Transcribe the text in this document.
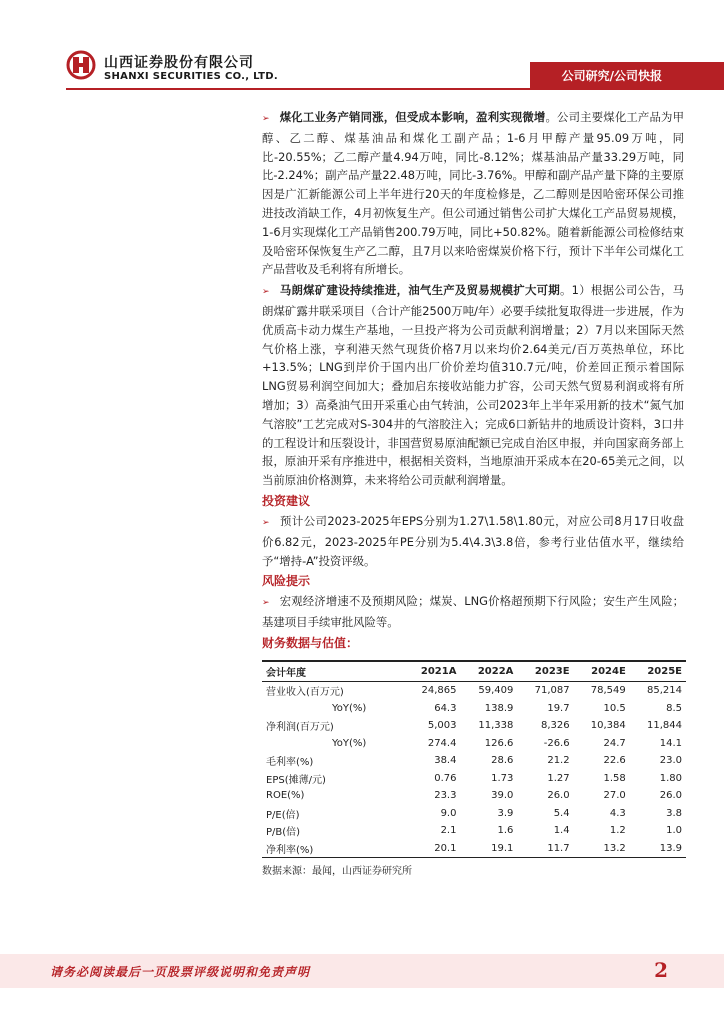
山西证券股份有限公司
SHANXI SECURITIES CO., LTD.	公司研究/公司快报

➢ 煤化工业务产销同涨，但受成本影响，盈利实现微增。公司主要煤化工产品为甲醇、乙二醇、煤基油品和煤化工副产品；1-6月甲醇产量95.09万吨，同比-20.55%；乙二醇产量4.94万吨，同比-8.12%；煤基油品产量33.29万吨，同比-2.24%；副产品产量22.48万吨，同比-3.76%。甲醇和副产品产量下降的主要原因是广汇新能源公司上半年进行20天的年度检修是，乙二醇则是因哈密环保公司推进技改消缺工作，4月初恢复生产。但公司通过销售公司扩大煤化工产品贸易规模，1-6月实现煤化工产品销售200.79万吨，同比+50.82%。随着新能源公司检修结束及哈密环保恢复生产乙二醇，且7月以来哈密煤炭价格下行，预计下半年公司煤化工产品营收及毛利将有所增长。

➢ 马朗煤矿建设持续推进，油气生产及贸易规模扩大可期。1）根据公司公告，马朗煤矿露井联采项目（合计产能2500万吨/年）必要手续批复取得进一步进展，作为优质高卡动力煤生产基地，一旦投产将为公司贡献利润增量；2）7月以来国际天然气价格上涨，亨利港天然气现货价格7月以来均价2.64美元/百万英热单位，环比+13.5%；LNG到岸价于国内出厂价价差均值310.7元/吨，价差回正预示着国际LNG贸易利润空间加大；叠加启东接收站能力扩容，公司天然气贸易利润或将有所增加；3）高桑油气田开采重心由气转油，公司2023年上半年采用新的技术“氮气加气溶胶”工艺完成对S-304井的气溶胶注入；完成6口新钻井的地质设计资料，3口井的工程设计和压裂设计，非国营贸易原油配额已完成自治区申报，并向国家商务部上报，原油开采有序推进中，根据相关资料，当地原油开采成本在20-65美元之间，以当前原油价格测算，未来将给公司贡献利润增量。

投资建议

➢ 预计公司2023-2025年EPS分别为1.27\1.58\1.80元，对应公司8月17日收盘价6.82元，2023-2025年PE分别为5.4\4.3\3.8倍，参考行业估值水平，继续给予“增持-A”投资评级。

风险提示

➢ 宏观经济增速不及预期风险；煤炭、LNG价格超预期下行风险；安生产生风险；基建项目手续审批风险等。

财务数据与估值：
会计年度	2021A	2022A	2023E	2024E	2025E
营业收入(百万元)	24,865	59,409	71,087	78,549	85,214
YoY(%)	64.3	138.9	19.7	10.5	8.5
净利润(百万元)	5,003	11,338	8,326	10,384	11,844
YoY(%)	274.4	126.6	-26.6	24.7	14.1
毛利率(%)	38.4	28.6	21.2	22.6	23.0
EPS(摊薄/元)	0.76	1.73	1.27	1.58	1.80
ROE(%)	23.3	39.0	26.0	27.0	26.0
P/E(倍)	9.0	3.9	5.4	4.3	3.8
P/B(倍)	2.1	1.6	1.4	1.2	1.0
净利率(%)	20.1	19.1	11.7	13.2	13.9
数据来源：最闻，山西证券研究所
请务必阅读最后一页股票评级说明和免责声明	2
